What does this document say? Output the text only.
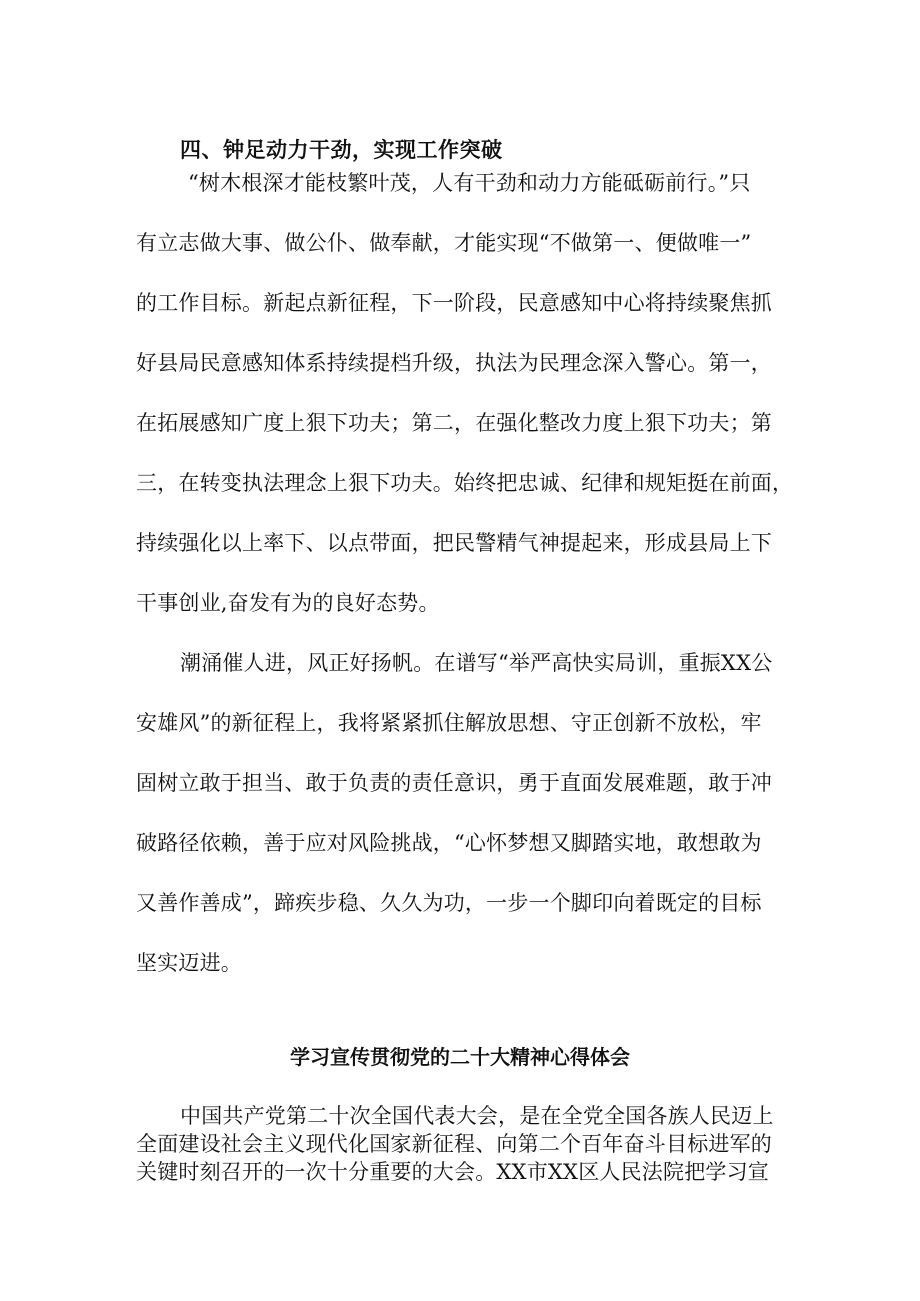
四、钟足动力干劲，实现工作突破

“树木根深才能枝繁叶茂，人有干劲和动力方能砥砺前行。”只

有立志做大事、做公仆、做奉献，才能实现“不做第一、便做唯一”

的工作目标。新起点新征程，下一阶段，民意感知中心将持续聚焦抓

好县局民意感知体系持续提档升级，执法为民理念深入警心。第一，

在拓展感知广度上狠下功夫；第二，在强化整改力度上狠下功夫；第

三，在转变执法理念上狠下功夫。始终把忠诚、纪律和规矩挺在前面，

持续强化以上率下、以点带面，把民警精气神提起来，形成县局上下

干事创业,奋发有为的良好态势。

潮涌催人进，风正好扬帆。在谱写“举严高快实局训，重振XX公

安雄风”的新征程上，我将紧紧抓住解放思想、守正创新不放松，牢

固树立敢于担当、敢于负责的责任意识，勇于直面发展难题，敢于冲

破路径依赖，善于应对风险挑战，“心怀梦想又脚踏实地，敢想敢为

又善作善成”，蹄疾步稳、久久为功，一步一个脚印向着既定的目标

坚实迈进。

学习宣传贯彻党的二十大精神心得体会

中国共产党第二十次全国代表大会，是在全党全国各族人民迈上

全面建设社会主义现代化国家新征程、向第二个百年奋斗目标进军的

关键时刻召开的一次十分重要的大会。XX市XX区人民法院把学习宣
